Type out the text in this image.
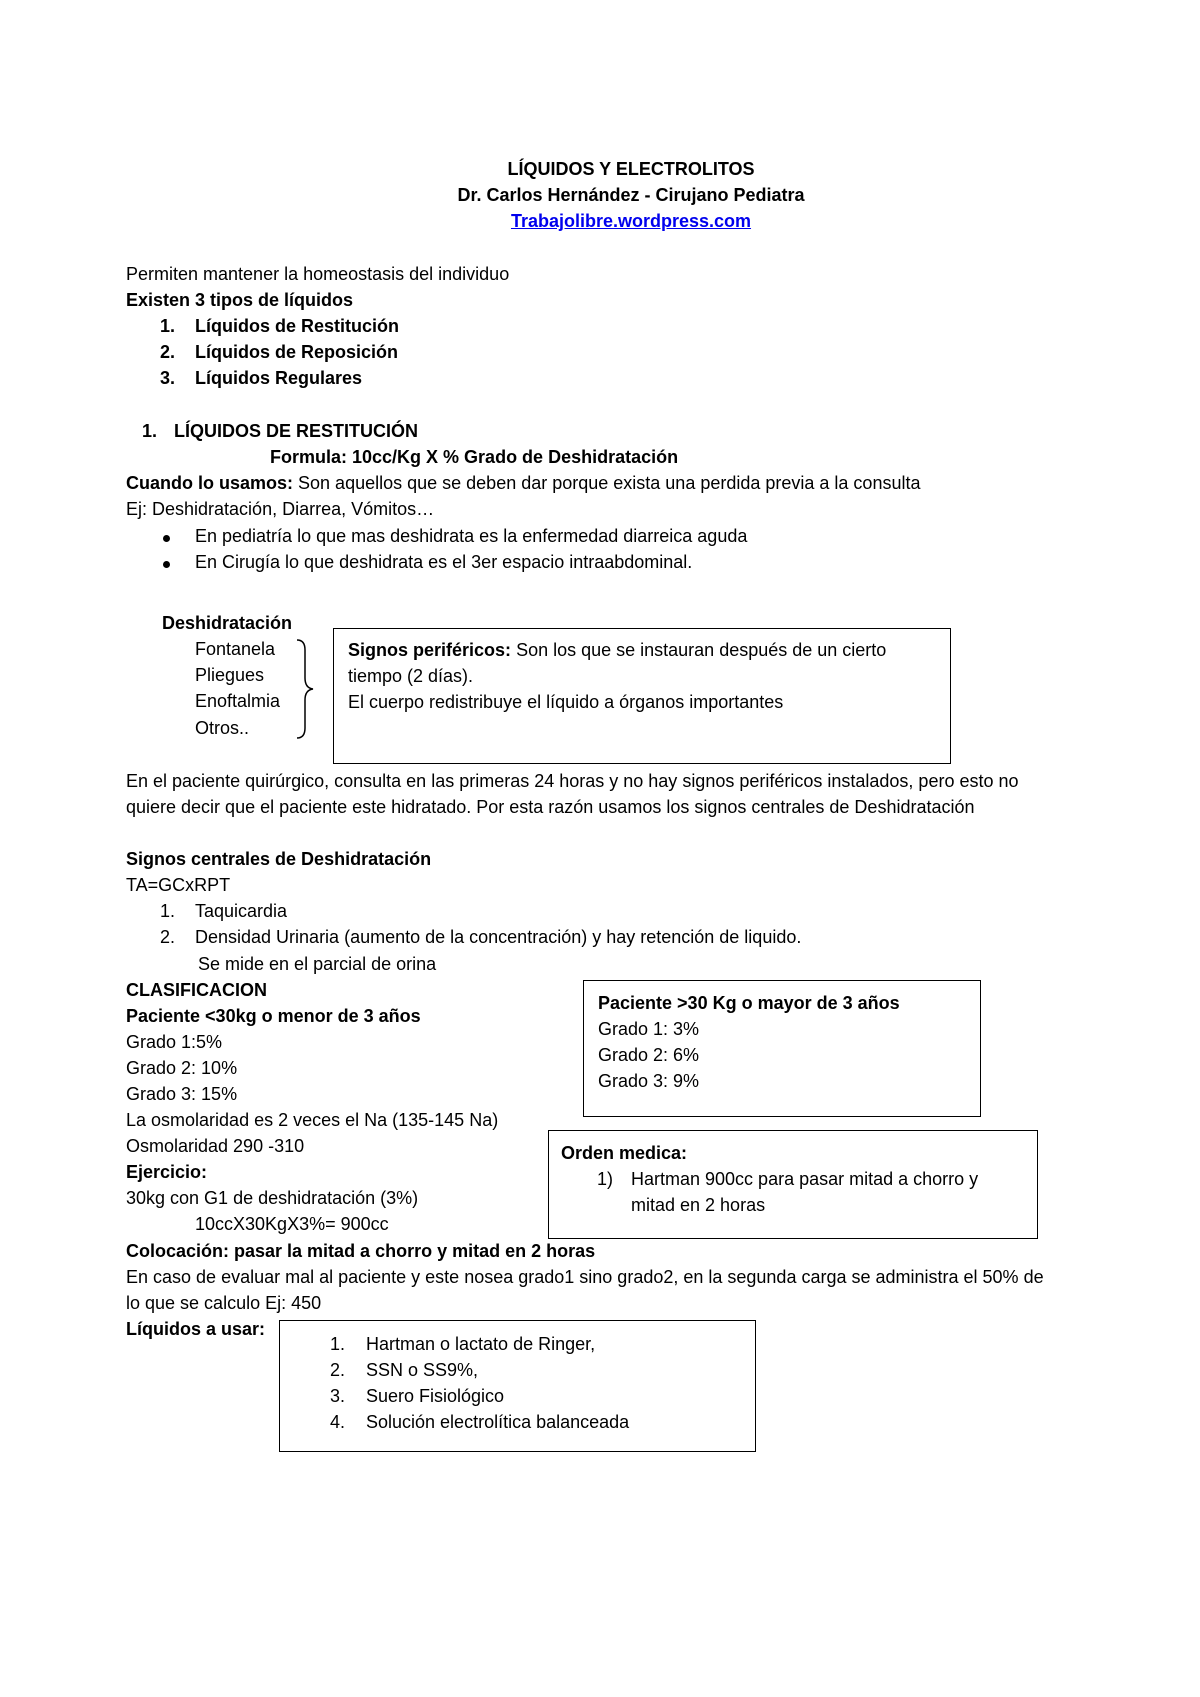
LÍQUIDOS Y ELECTROLITOS
Dr. Carlos Hernández - Cirujano Pediatra
Trabajolibre.wordpress.com
Permiten mantener la homeostasis del individuo
Existen 3 tipos de líquidos
1. Líquidos de Restitución
2. Líquidos de Reposición
3. Líquidos Regulares
1. LÍQUIDOS DE RESTITUCIÓN
Formula: 10cc/Kg X % Grado de Deshidratación
Cuando lo usamos: Son aquellos que se deben dar porque exista una perdida previa a la consulta
Ej: Deshidratación, Diarrea, Vómitos…
En pediatría lo que mas deshidrata es la enfermedad diarreica aguda
En Cirugía lo que deshidrata es el 3er espacio intraabdominal.
Deshidratación
Fontanela
Pliegues
Enoftalmia
Otros..
Signos periféricos: Son los que se instauran después de un cierto
tiempo (2 días).
El cuerpo redistribuye el líquido a órganos importantes
En el paciente quirúrgico, consulta en las primeras 24 horas y no hay signos periféricos instalados, pero esto no
quiere decir que el paciente este hidratado. Por esta razón usamos los signos centrales de Deshidratación
Signos centrales de Deshidratación
TA=GCxRPT
1. Taquicardia
2. Densidad Urinaria (aumento de la concentración) y hay retención de liquido.
Se mide en el parcial de orina
CLASIFICACION
Paciente <30kg o menor de 3 años
Grado 1:5%
Grado 2: 10%
Grado 3: 15%
La osmolaridad es 2 veces el Na (135-145 Na)
Osmolaridad 290 -310
Paciente >30 Kg o mayor de 3 años
Grado 1: 3%
Grado 2: 6%
Grado 3: 9%
Ejercicio:
30kg con G1 de deshidratación (3%)
10ccX30KgX3%= 900cc
Orden medica:
1) Hartman 900cc para pasar mitad a chorro y
mitad en 2 horas
Colocación: pasar la mitad a chorro y mitad en 2 horas
En caso de evaluar mal al paciente y este nosea grado1 sino grado2, en la segunda carga se administra el 50% de
lo que se calculo Ej: 450
Líquidos a usar:
1. Hartman o lactato de Ringer,
2. SSN o SS9%,
3. Suero Fisiológico
4. Solución electrolítica balanceada
